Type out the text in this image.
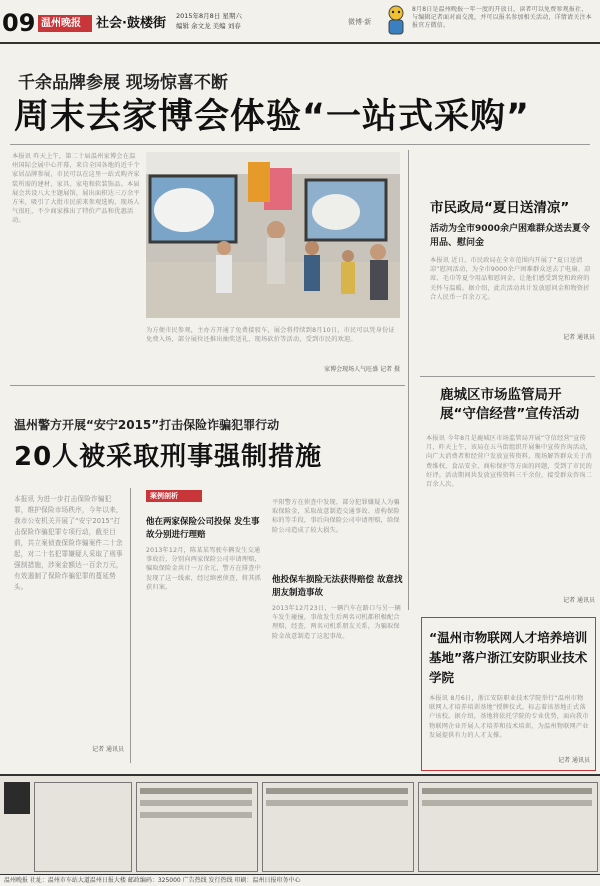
09 温州晚报 社会·鼓楼街 2015年8月8日 星期六
编辑 余文龙 美编 刘春	微博·新
8月8日是温州晚报一年一度的开放日，读者可以免费参观报社，与编辑记者面对面交流，并可以报名参加相关活动，详情请关注本报官方微信。
千余品牌参展 现场惊喜不断
周末去家博会体验“一站式采购”
本报讯 昨天上午，第二十届温州家博会在温州国际会展中心开幕，来自全国各地的近千个家居品牌参展，市民可以在这里一站式购齐家装所需的建材、家具、家电和软装饰品。本届展会共设八大主题展馆，展出面积达三万余平方米，吸引了大批市民前来参观选购，现场人气很旺，不少商家推出了特价产品和优惠活动。
为方便市民参观，主办方开通了免费接驳车，展会将持续到8月10日，市民可以凭身份证免费入场，部分展位还推出抽奖送礼、现场砍价等活动，受到市民的欢迎。
家博会现场人气旺盛 记者 摄
市民政局“夏日送清凉”
活动为全市9000余户困难群众送去夏令用品、慰问金
本报讯 近日，市民政局在全市范围内开展了“夏日送清凉”慰问活动，为全市9000余户困难群众送去了电扇、凉席、毛巾等夏令用品和慰问金，让他们感受到党和政府的关怀与温暖。据介绍，此次活动共计发放慰问金和物资折合人民币一百余万元。
记者 通讯员
鹿城区市场监管局开展“守信经营”宣传活动
本报讯 今年8月是鹿城区市场监管局开展“守信经营”宣传月，昨天上午，该局在五马街组织开展集中宣传咨询活动，向广大消费者和经营户发放宣传资料，现场解答群众关于消费维权、食品安全、商标保护等方面的问题，受到了市民的好评。活动期间共发放宣传资料三千余份，接受群众咨询二百余人次。
记者 通讯员
温州警方开展“安宁2015”打击保险诈骗犯罪行动
20人被采取刑事强制措施
本报讯 为进一步打击保险诈骗犯罪，维护保险市场秩序，今年以来，我市公安机关开展了“安宁2015”打击保险诈骗犯罪专项行动，截至目前，共立案侦查保险诈骗案件二十余起，对二十名犯罪嫌疑人采取了刑事强制措施，涉案金额达一百余万元，有效遏制了保险诈骗犯罪的蔓延势头。
记者 通讯员
案例剖析
他在两家保险公司投保 发生事故分别进行理赔
2013年12月，陈某某驾驶车辆发生交通事故后，分别向两家保险公司申请理赔，骗取保险金共计一万余元，警方在排查中发现了这一线索，经过缜密侦查，将其抓获归案。
平阳警方在侦查中发现，部分犯罪嫌疑人为骗取保险金，采取故意制造交通事故、虚构保险标的等手段，事后向保险公司申请理赔，给保险公司造成了较大损失。
他投保车损险无法获得赔偿 故意找朋友制造事故
2013年12月23日，一辆汽车在路口与另一辆车发生碰撞，事故发生后两名司机都积极配合理赔，经查，两名司机系朋友关系，为骗取保险金故意制造了这起事故。	“温州市物联网人才培养培训基地”落户浙江安防职业技术学院
本报讯 8月6日，浙江安防职业技术学院举行“温州市物联网人才培养培训基地”授牌仪式，标志着该基地正式落户该校。据介绍，基地将依托学院的专业优势，面向我市物联网企业开展人才培养和技术培训，为温州物联网产业发展提供有力的人才支撑。
记者 通讯员
温州晚报 社址：温州市车站大道温州日报大楼 邮政编码：325000 广告热线 发行热线 印刷：温州日报印务中心
